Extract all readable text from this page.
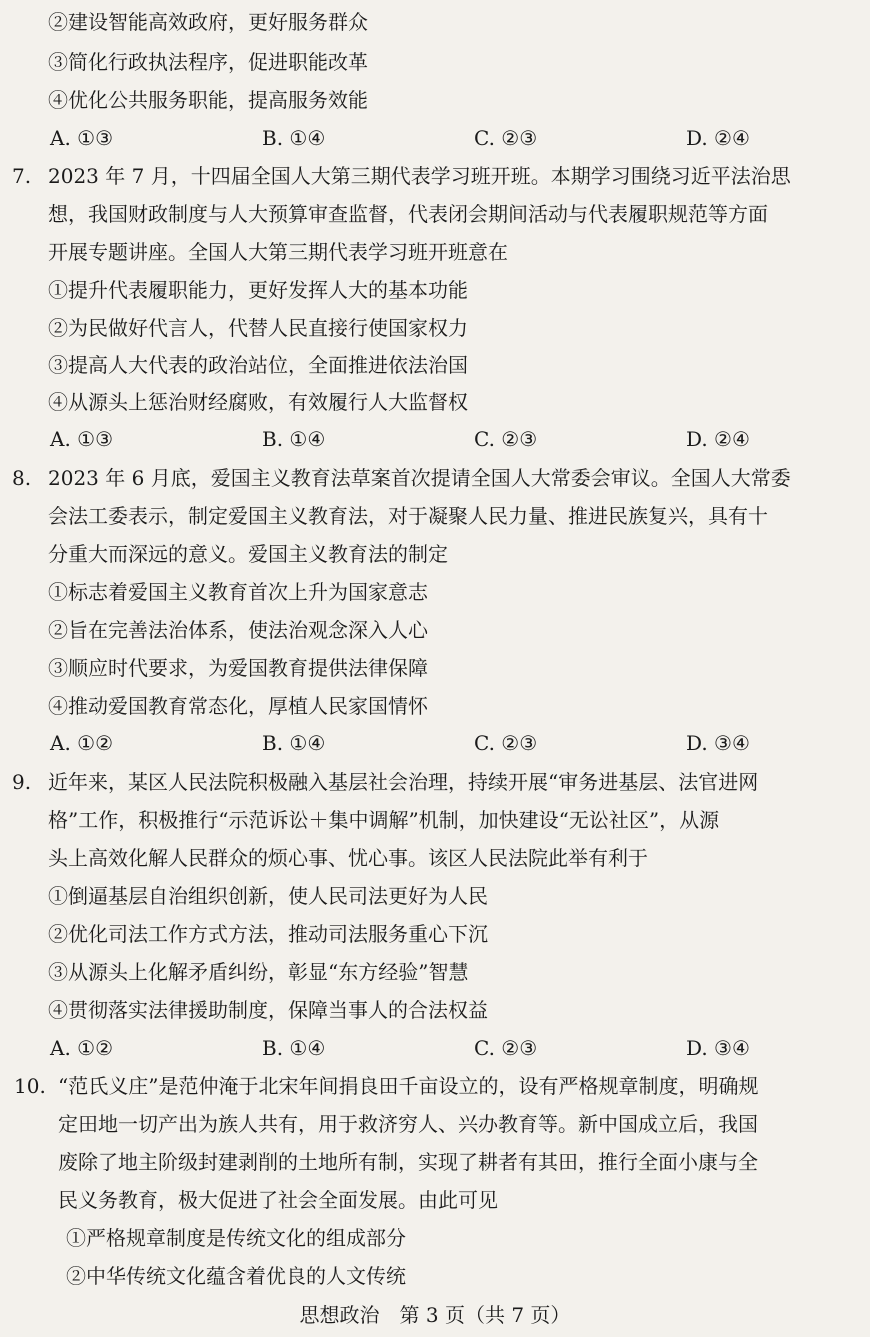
②建设智能高效政府，更好服务群众
③简化行政执法程序，促进职能改革
④优化公共服务职能，提高服务效能
A. ①③	B. ①④	C. ②③	D. ②④
7. 2023 年 7 月，十四届全国人大第三期代表学习班开班。本期学习围绕习近平法治思
想，我国财政制度与人大预算审查监督，代表闭会期间活动与代表履职规范等方面
开展专题讲座。全国人大第三期代表学习班开班意在
①提升代表履职能力，更好发挥人大的基本功能
②为民做好代言人，代替人民直接行使国家权力
③提高人大代表的政治站位，全面推进依法治国
④从源头上惩治财经腐败，有效履行人大监督权
A. ①③	B. ①④	C. ②③	D. ②④
8. 2023 年 6 月底，爱国主义教育法草案首次提请全国人大常委会审议。全国人大常委
会法工委表示，制定爱国主义教育法，对于凝聚人民力量、推进民族复兴，具有十
分重大而深远的意义。爱国主义教育法的制定
①标志着爱国主义教育首次上升为国家意志
②旨在完善法治体系，使法治观念深入人心
③顺应时代要求，为爱国教育提供法律保障
④推动爱国教育常态化，厚植人民家国情怀
A. ①②	B. ①④	C. ②③	D. ③④
9. 近年来，某区人民法院积极融入基层社会治理，持续开展“审务进基层、法官进网
格”工作，积极推行“示范诉讼＋集中调解”机制，加快建设“无讼社区”，从源
头上高效化解人民群众的烦心事、忧心事。该区人民法院此举有利于
①倒逼基层自治组织创新，使人民司法更好为人民
②优化司法工作方式方法，推动司法服务重心下沉
③从源头上化解矛盾纠纷，彰显“东方经验”智慧
④贯彻落实法律援助制度，保障当事人的合法权益
A. ①②	B. ①④	C. ②③	D. ③④
10. “范氏义庄”是范仲淹于北宋年间捐良田千亩设立的，设有严格规章制度，明确规
定田地一切产出为族人共有，用于救济穷人、兴办教育等。新中国成立后，我国
废除了地主阶级封建剥削的土地所有制，实现了耕者有其田，推行全面小康与全
民义务教育，极大促进了社会全面发展。由此可见
①严格规章制度是传统文化的组成部分
②中华传统文化蕴含着优良的人文传统
思想政治　第 3 页（共 7 页）
